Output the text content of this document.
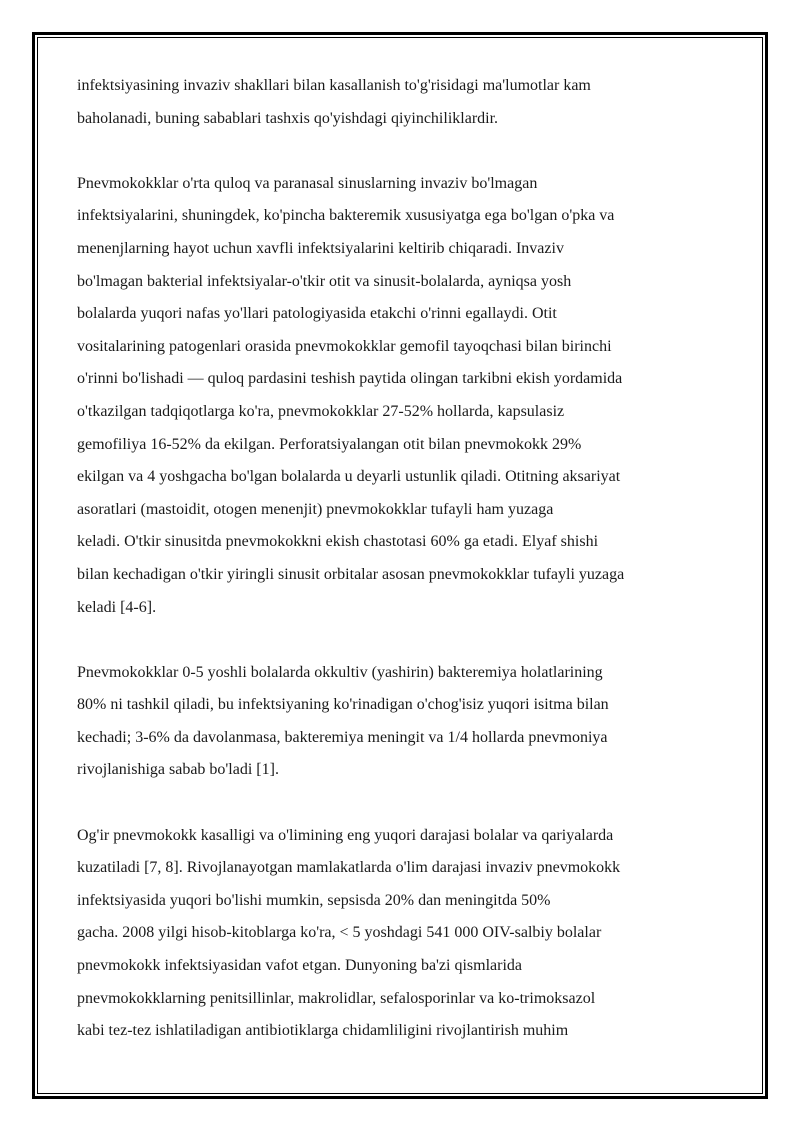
infektsiyasining invaziv shakllari bilan kasallanish to'g'risidagi ma'lumotlar kam
baholanadi, buning sabablari tashxis qo'yishdagi qiyinchiliklardir.
Pnevmokokklar o'rta quloq va paranasal sinuslarning invaziv bo'lmagan
infektsiyalarini, shuningdek, ko'pincha bakteremik xususiyatga ega bo'lgan o'pka va
menenjlarning hayot uchun xavfli infektsiyalarini keltirib chiqaradi. Invaziv
bo'lmagan bakterial infektsiyalar-o'tkir otit va sinusit-bolalarda, ayniqsa yosh
bolalarda yuqori nafas yo'llari patologiyasida etakchi o'rinni egallaydi. Otit
vositalarining patogenlari orasida pnevmokokklar gemofil tayoqchasi bilan birinchi
o'rinni bo'lishadi — quloq pardasini teshish paytida olingan tarkibni ekish yordamida
o'tkazilgan tadqiqotlarga ko'ra, pnevmokokklar 27-52% hollarda, kapsulasiz
gemofiliya 16-52% da ekilgan. Perforatsiyalangan otit bilan pnevmokokk 29%
ekilgan va 4 yoshgacha bo'lgan bolalarda u deyarli ustunlik qiladi. Otitning aksariyat
asoratlari (mastoidit, otogen menenjit) pnevmokokklar tufayli ham yuzaga
keladi. O'tkir sinusitda pnevmokokkni ekish chastotasi 60% ga etadi. Elyaf shishi
bilan kechadigan o'tkir yiringli sinusit orbitalar asosan pnevmokokklar tufayli yuzaga
keladi [4-6].
Pnevmokokklar 0-5 yoshli bolalarda okkultiv (yashirin) bakteremiya holatlarining
80% ni tashkil qiladi, bu infektsiyaning ko'rinadigan o'chog'isiz yuqori isitma bilan
kechadi; 3-6% da davolanmasa, bakteremiya meningit va 1/4 hollarda pnevmoniya
rivojlanishiga sabab bo'ladi [1].
Og'ir pnevmokokk kasalligi va o'limining eng yuqori darajasi bolalar va qariyalarda
kuzatiladi [7, 8]. Rivojlanayotgan mamlakatlarda o'lim darajasi invaziv pnevmokokk
infektsiyasida yuqori bo'lishi mumkin, sepsisda 20% dan meningitda 50%
gacha. 2008 yilgi hisob-kitoblarga ko'ra, < 5 yoshdagi 541 000 OIV-salbiy bolalar
pnevmokokk infektsiyasidan vafot etgan. Dunyoning ba'zi qismlarida
pnevmokokklarning penitsillinlar, makrolidlar, sefalosporinlar va ko-trimoksazol
kabi tez-tez ishlatiladigan antibiotiklarga chidamliligini rivojlantirish muhim
